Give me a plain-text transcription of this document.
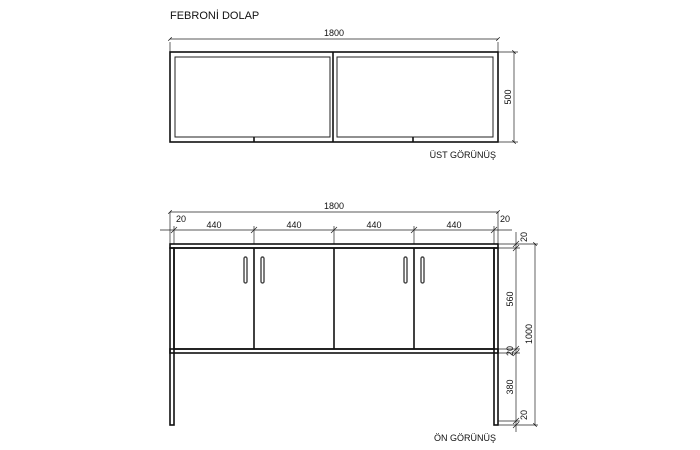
FEBRONİ DOLAP
1800
500
ÜST GÖRÜNÜŞ
1800
20	20
440	440	440	440
20
560
20
380
20
1000
ÖN GÖRÜNÜŞ
